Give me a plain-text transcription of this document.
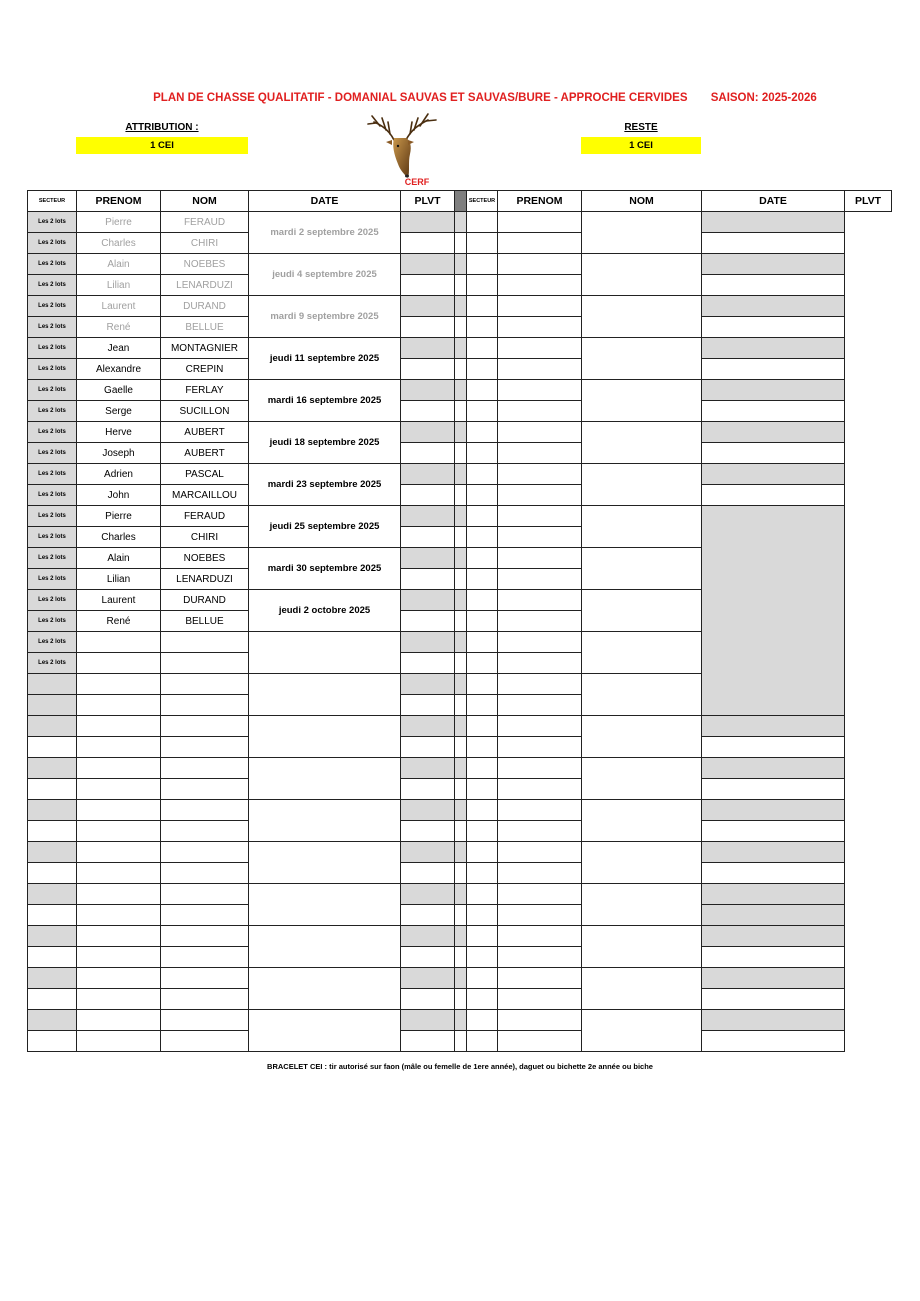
PLAN DE CHASSE QUALITATIF - DOMANIAL SAUVAS ET SAUVAS/BURE - APPROCHE CERVIDES SAISON: 2025-2026
ATTRIBUTION :
1 CEI
RESTE
1 CEI
CERF
SECTEUR	PRENOM	NOM	DATE	PLVT		SECTEUR	PRENOM	NOM	DATE	PLVT
Les 2 lots	Pierre	FERAUD	mardi 2 septembre 2025							
Les 2 lots	Charles	CHIRI								
Les 2 lots	Alain	NOEBES	jeudi 4 septembre 2025							
Les 2 lots	Lilian	LENARDUZI								
Les 2 lots	Laurent	DURAND	mardi 9 septembre 2025							
Les 2 lots	René	BELLUE								
Les 2 lots	Jean	MONTAGNIER	jeudi 11 septembre 2025							
Les 2 lots	Alexandre	CREPIN								
Les 2 lots	Gaelle	FERLAY	mardi 16 septembre 2025							
Les 2 lots	Serge	SUCILLON								
Les 2 lots	Herve	AUBERT	jeudi 18 septembre 2025							
Les 2 lots	Joseph	AUBERT								
Les 2 lots	Adrien	PASCAL	mardi 23 septembre 2025							
Les 2 lots	John	MARCAILLOU								
Les 2 lots	Pierre	FERAUD	jeudi 25 septembre 2025							
Les 2 lots	Charles	CHIRI								
Les 2 lots	Alain	NOEBES	mardi 30 septembre 2025							
Les 2 lots	Lilian	LENARDUZI								
Les 2 lots	Laurent	DURAND	jeudi 2 octobre 2025							
Les 2 lots	René	BELLUE								
Les 2 lots										
Les 2 lots										

BRACELET CEI : tir autorisé sur faon (mâle ou femelle de 1ere année), daguet ou bichette 2e année ou biche
